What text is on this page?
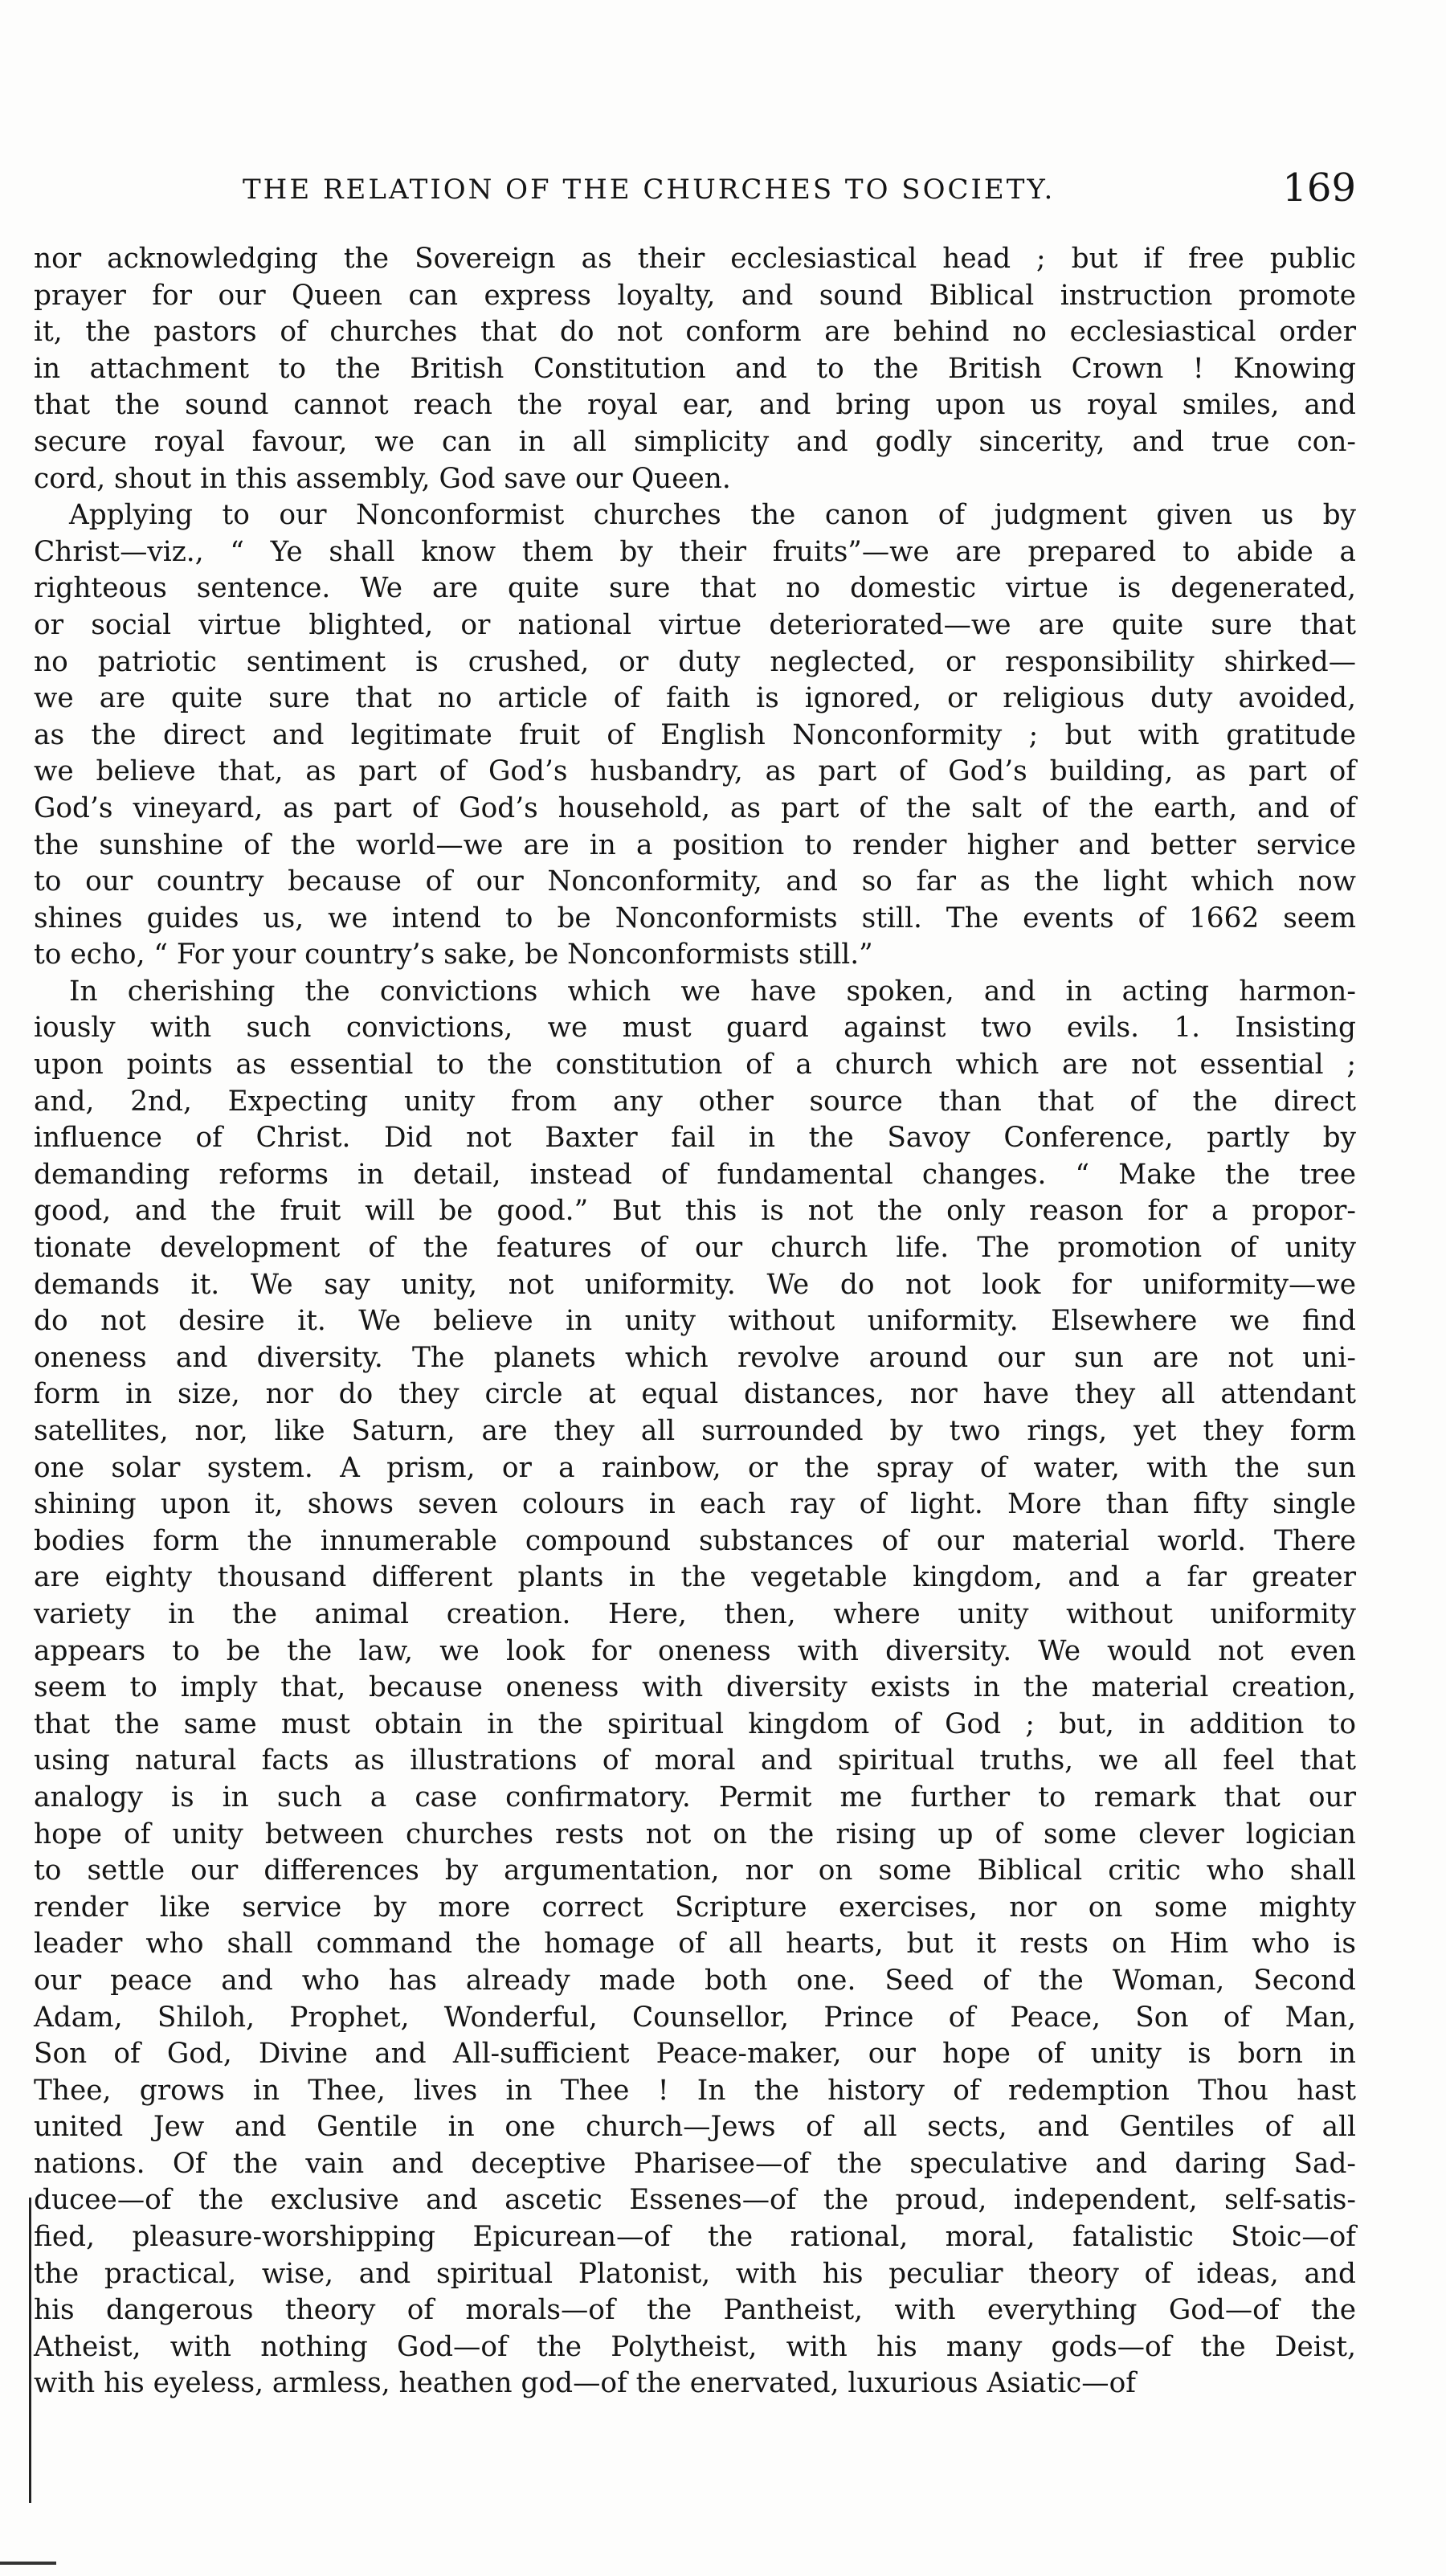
THE RELATION OF THE CHURCHES TO SOCIETY.	169
nor acknowledging the Sovereign as their ecclesiastical head ; but if free public
prayer for our Queen can express loyalty, and sound Biblical instruction promote
it, the pastors of churches that do not conform are behind no ecclesiastical order
in attachment to the British Constitution and to the British Crown ! Knowing
that the sound cannot reach the royal ear, and bring upon us royal smiles, and
secure royal favour, we can in all simplicity and godly sincerity, and true con-
cord, shout in this assembly, God save our Queen.
Applying to our Nonconformist churches the canon of judgment given us by
Christ—viz., “ Ye shall know them by their fruits”—we are prepared to abide a
righteous sentence. We are quite sure that no domestic virtue is degenerated,
or social virtue blighted, or national virtue deteriorated—we are quite sure that
no patriotic sentiment is crushed, or duty neglected, or responsibility shirked—
we are quite sure that no article of faith is ignored, or religious duty avoided,
as the direct and legitimate fruit of English Nonconformity ; but with gratitude
we believe that, as part of God’s husbandry, as part of God’s building, as part of
God’s vineyard, as part of God’s household, as part of the salt of the earth, and of
the sunshine of the world—we are in a position to render higher and better service
to our country because of our Nonconformity, and so far as the light which now
shines guides us, we intend to be Nonconformists still. The events of 1662 seem
to echo, “ For your country’s sake, be Nonconformists still.”
In cherishing the convictions which we have spoken, and in acting harmon-
iously with such convictions, we must guard against two evils. 1. Insisting
upon points as essential to the constitution of a church which are not essential ;
and, 2nd, Expecting unity from any other source than that of the direct
influence of Christ. Did not Baxter fail in the Savoy Conference, partly by
demanding reforms in detail, instead of fundamental changes. “ Make the tree
good, and the fruit will be good.” But this is not the only reason for a propor-
tionate development of the features of our church life. The promotion of unity
demands it. We say unity, not uniformity. We do not look for uniformity—we
do not desire it. We believe in unity without uniformity. Elsewhere we find
oneness and diversity. The planets which revolve around our sun are not uni-
form in size, nor do they circle at equal distances, nor have they all attendant
satellites, nor, like Saturn, are they all surrounded by two rings, yet they form
one solar system. A prism, or a rainbow, or the spray of water, with the sun
shining upon it, shows seven colours in each ray of light. More than fifty single
bodies form the innumerable compound substances of our material world. There
are eighty thousand different plants in the vegetable kingdom, and a far greater
variety in the animal creation. Here, then, where unity without uniformity
appears to be the law, we look for oneness with diversity. We would not even
seem to imply that, because oneness with diversity exists in the material creation,
that the same must obtain in the spiritual kingdom of God ; but, in addition to
using natural facts as illustrations of moral and spiritual truths, we all feel that
analogy is in such a case confirmatory. Permit me further to remark that our
hope of unity between churches rests not on the rising up of some clever logician
to settle our differences by argumentation, nor on some Biblical critic who shall
render like service by more correct Scripture exercises, nor on some mighty
leader who shall command the homage of all hearts, but it rests on Him who is
our peace and who has already made both one. Seed of the Woman, Second
Adam, Shiloh, Prophet, Wonderful, Counsellor, Prince of Peace, Son of Man,
Son of God, Divine and All-sufficient Peace-maker, our hope of unity is born in
Thee, grows in Thee, lives in Thee ! In the history of redemption Thou hast
united Jew and Gentile in one church—Jews of all sects, and Gentiles of all
nations. Of the vain and deceptive Pharisee—of the speculative and daring Sad-
ducee—of the exclusive and ascetic Essenes—of the proud, independent, self-satis-
fied, pleasure-worshipping Epicurean—of the rational, moral, fatalistic Stoic—of
the practical, wise, and spiritual Platonist, with his peculiar theory of ideas, and
his dangerous theory of morals—of the Pantheist, with everything God—of the
Atheist, with nothing God—of the Polytheist, with his many gods—of the Deist,
with his eyeless, armless, heathen god—of the enervated, luxurious Asiatic—of
